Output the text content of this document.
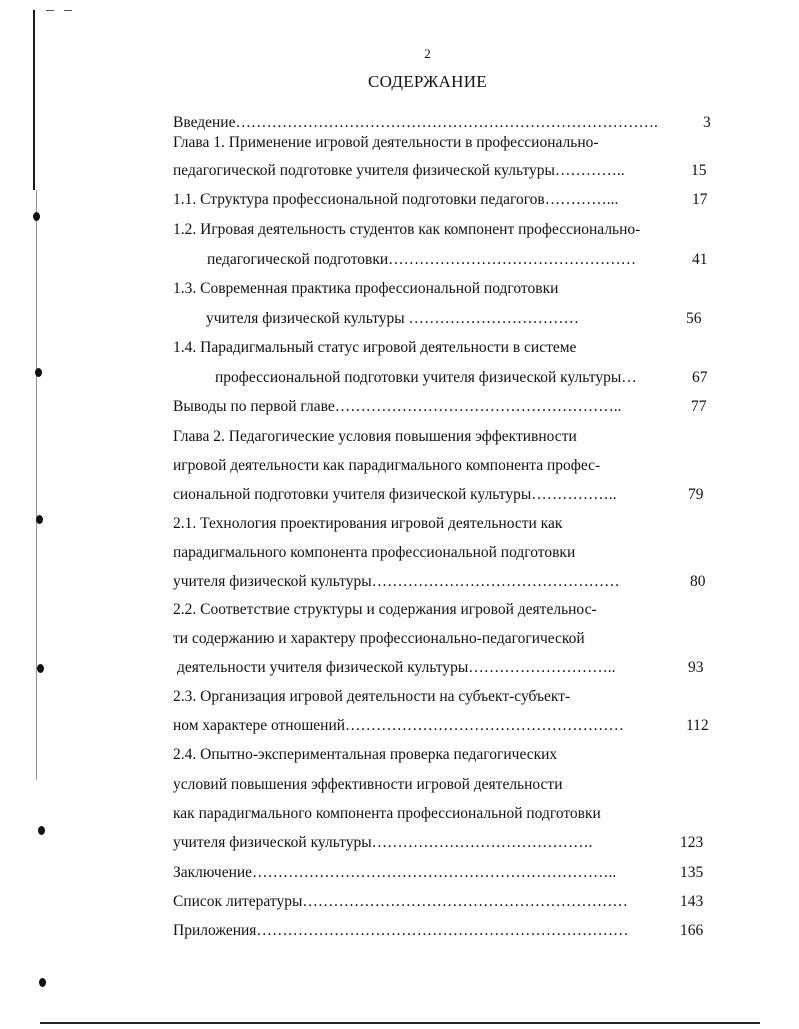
2
СОДЕРЖАНИЕ
Введение……………………………………………………………………….	3
Глава 1. Применение игровой деятельности в профессионально-
педагогической подготовке учителя физической культуры…………..	15
1.1. Структура профессиональной подготовки педагогов…………...	17
1.2. Игровая деятельность студентов как компонент профессионально-
педагогической подготовки…………………………………………	41
1.3. Современная практика профессиональной подготовки
учителя физической культуры ……………………………	56
1.4. Парадигмальный статус игровой деятельности в системе
профессиональной подготовки учителя физической культуры…	67
Выводы по первой главе………………………………………………..	77
Глава 2. Педагогические условия повышения эффективности
игровой деятельности как парадигмального компонента профес-
сиональной подготовки учителя физической культуры……………..	79
2.1. Технология проектирования игровой деятельности как
парадигмального компонента профессиональной подготовки
учителя физической культуры…………………………………………	80
2.2. Соответствие структуры и содержания игровой деятельнос-
ти содержанию и характеру профессионально-педагогической
деятельности учителя физической культуры………………………..	93
2.3. Организация игровой деятельности на субъект-субъект-
ном характере отношений………………………………………………	112
2.4. Опытно-экспериментальная проверка педагогических
условий повышения эффективности игровой деятельности
как парадигмального компонента профессиональной подготовки
учителя физической культуры…………………………………….	123
Заключение……………………………………………………………..	135
Список литературы………………………………………………………	143
Приложения………………………………………………………………	166
